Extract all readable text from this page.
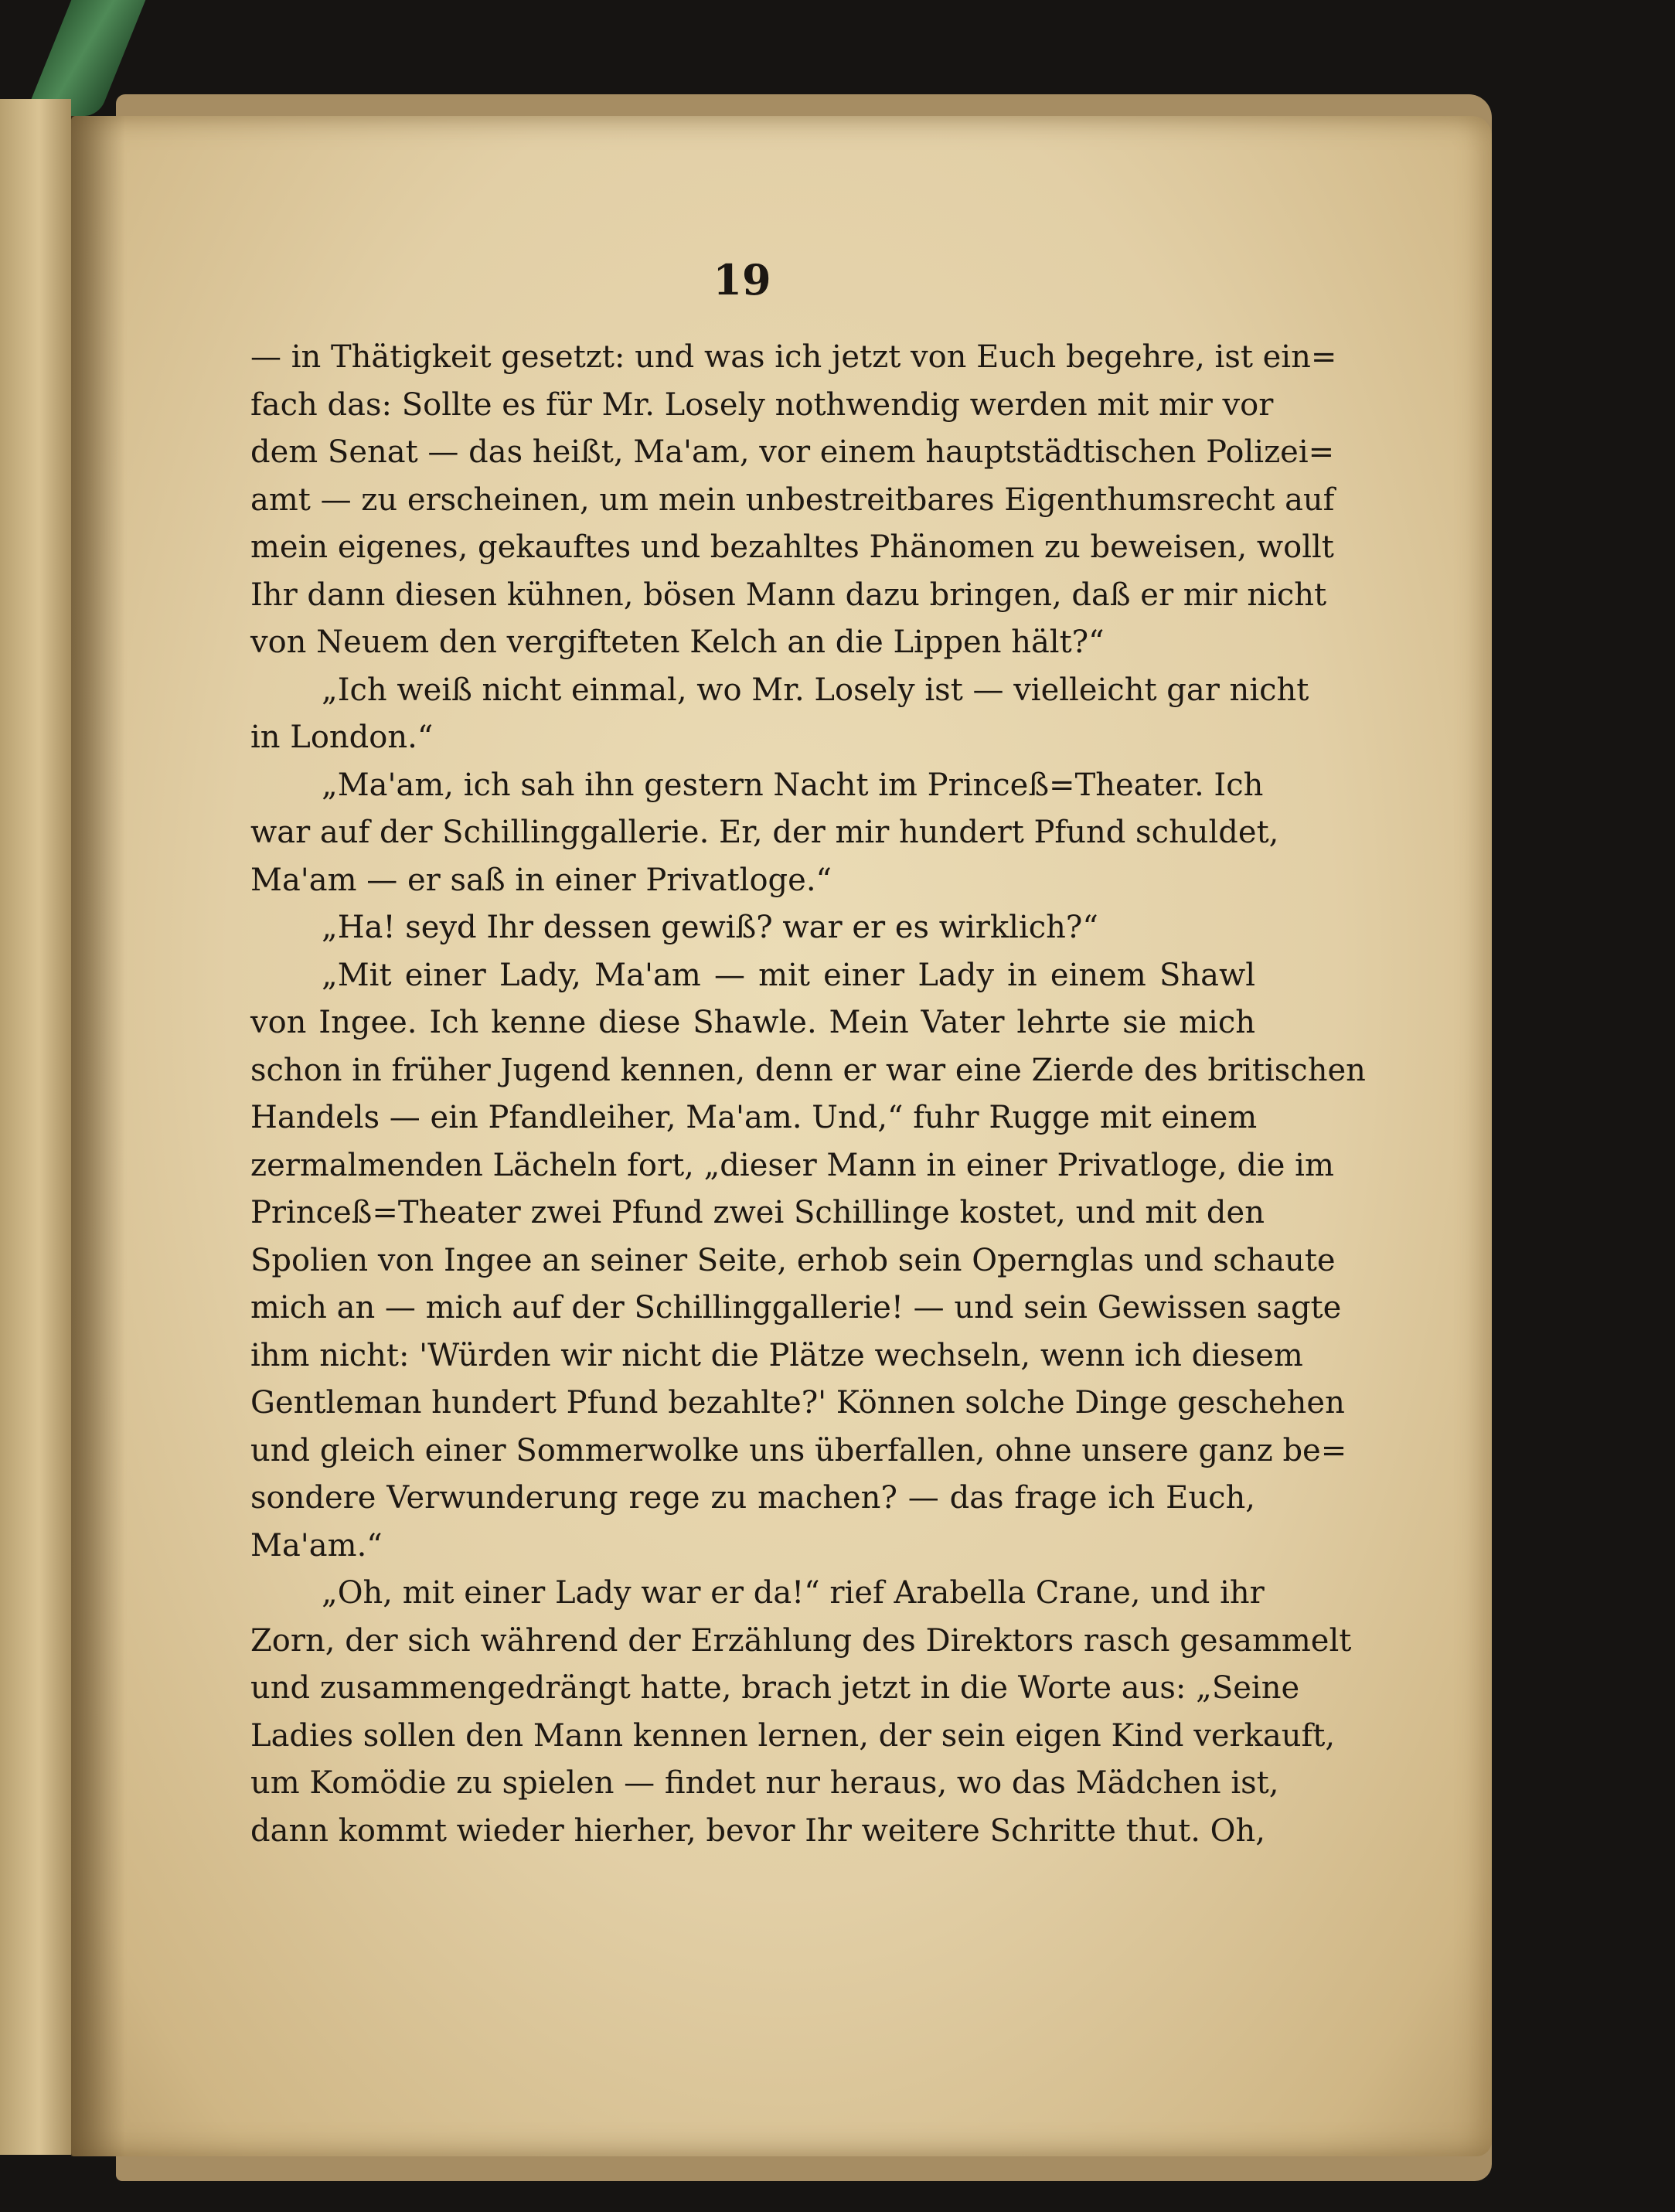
19
— in Thätigkeit gesetzt: und was ich jetzt von Euch begehre, ist ein=
fach das: Sollte es für Mr. Losely nothwendig werden mit mir vor
dem Senat — das heißt, Ma'am, vor einem hauptstädtischen Polizei=
amt — zu erscheinen, um mein unbestreitbares Eigenthumsrecht auf
mein eigenes, gekauftes und bezahltes Phänomen zu beweisen, wollt
Ihr dann diesen kühnen, bösen Mann dazu bringen, daß er mir nicht
von Neuem den vergifteten Kelch an die Lippen hält?“
„Ich weiß nicht einmal, wo Mr. Losely ist — vielleicht gar nicht
in London.“
„Ma'am, ich sah ihn gestern Nacht im Princeß=Theater. Ich
war auf der Schillinggallerie. Er, der mir hundert Pfund schuldet,
Ma'am — er saß in einer Privatloge.“
„Ha! seyd Ihr dessen gewiß? war er es wirklich?“
„Mit einer Lady, Ma'am — mit einer Lady in einem Shawl
von Ingee. Ich kenne diese Shawle. Mein Vater lehrte sie mich
schon in früher Jugend kennen, denn er war eine Zierde des britischen
Handels — ein Pfandleiher, Ma'am. Und,“ fuhr Rugge mit einem
zermalmenden Lächeln fort, „dieser Mann in einer Privatloge, die im
Princeß=Theater zwei Pfund zwei Schillinge kostet, und mit den
Spolien von Ingee an seiner Seite, erhob sein Opernglas und schaute
mich an — mich auf der Schillinggallerie! — und sein Gewissen sagte
ihm nicht: 'Würden wir nicht die Plätze wechseln, wenn ich diesem
Gentleman hundert Pfund bezahlte?' Können solche Dinge geschehen
und gleich einer Sommerwolke uns überfallen, ohne unsere ganz be=
sondere Verwunderung rege zu machen? — das frage ich Euch,
Ma'am.“
„Oh, mit einer Lady war er da!“ rief Arabella Crane, und ihr
Zorn, der sich während der Erzählung des Direktors rasch gesammelt
und zusammengedrängt hatte, brach jetzt in die Worte aus: „Seine
Ladies sollen den Mann kennen lernen, der sein eigen Kind verkauft,
um Komödie zu spielen — findet nur heraus, wo das Mädchen ist,
dann kommt wieder hierher, bevor Ihr weitere Schritte thut. Oh,
